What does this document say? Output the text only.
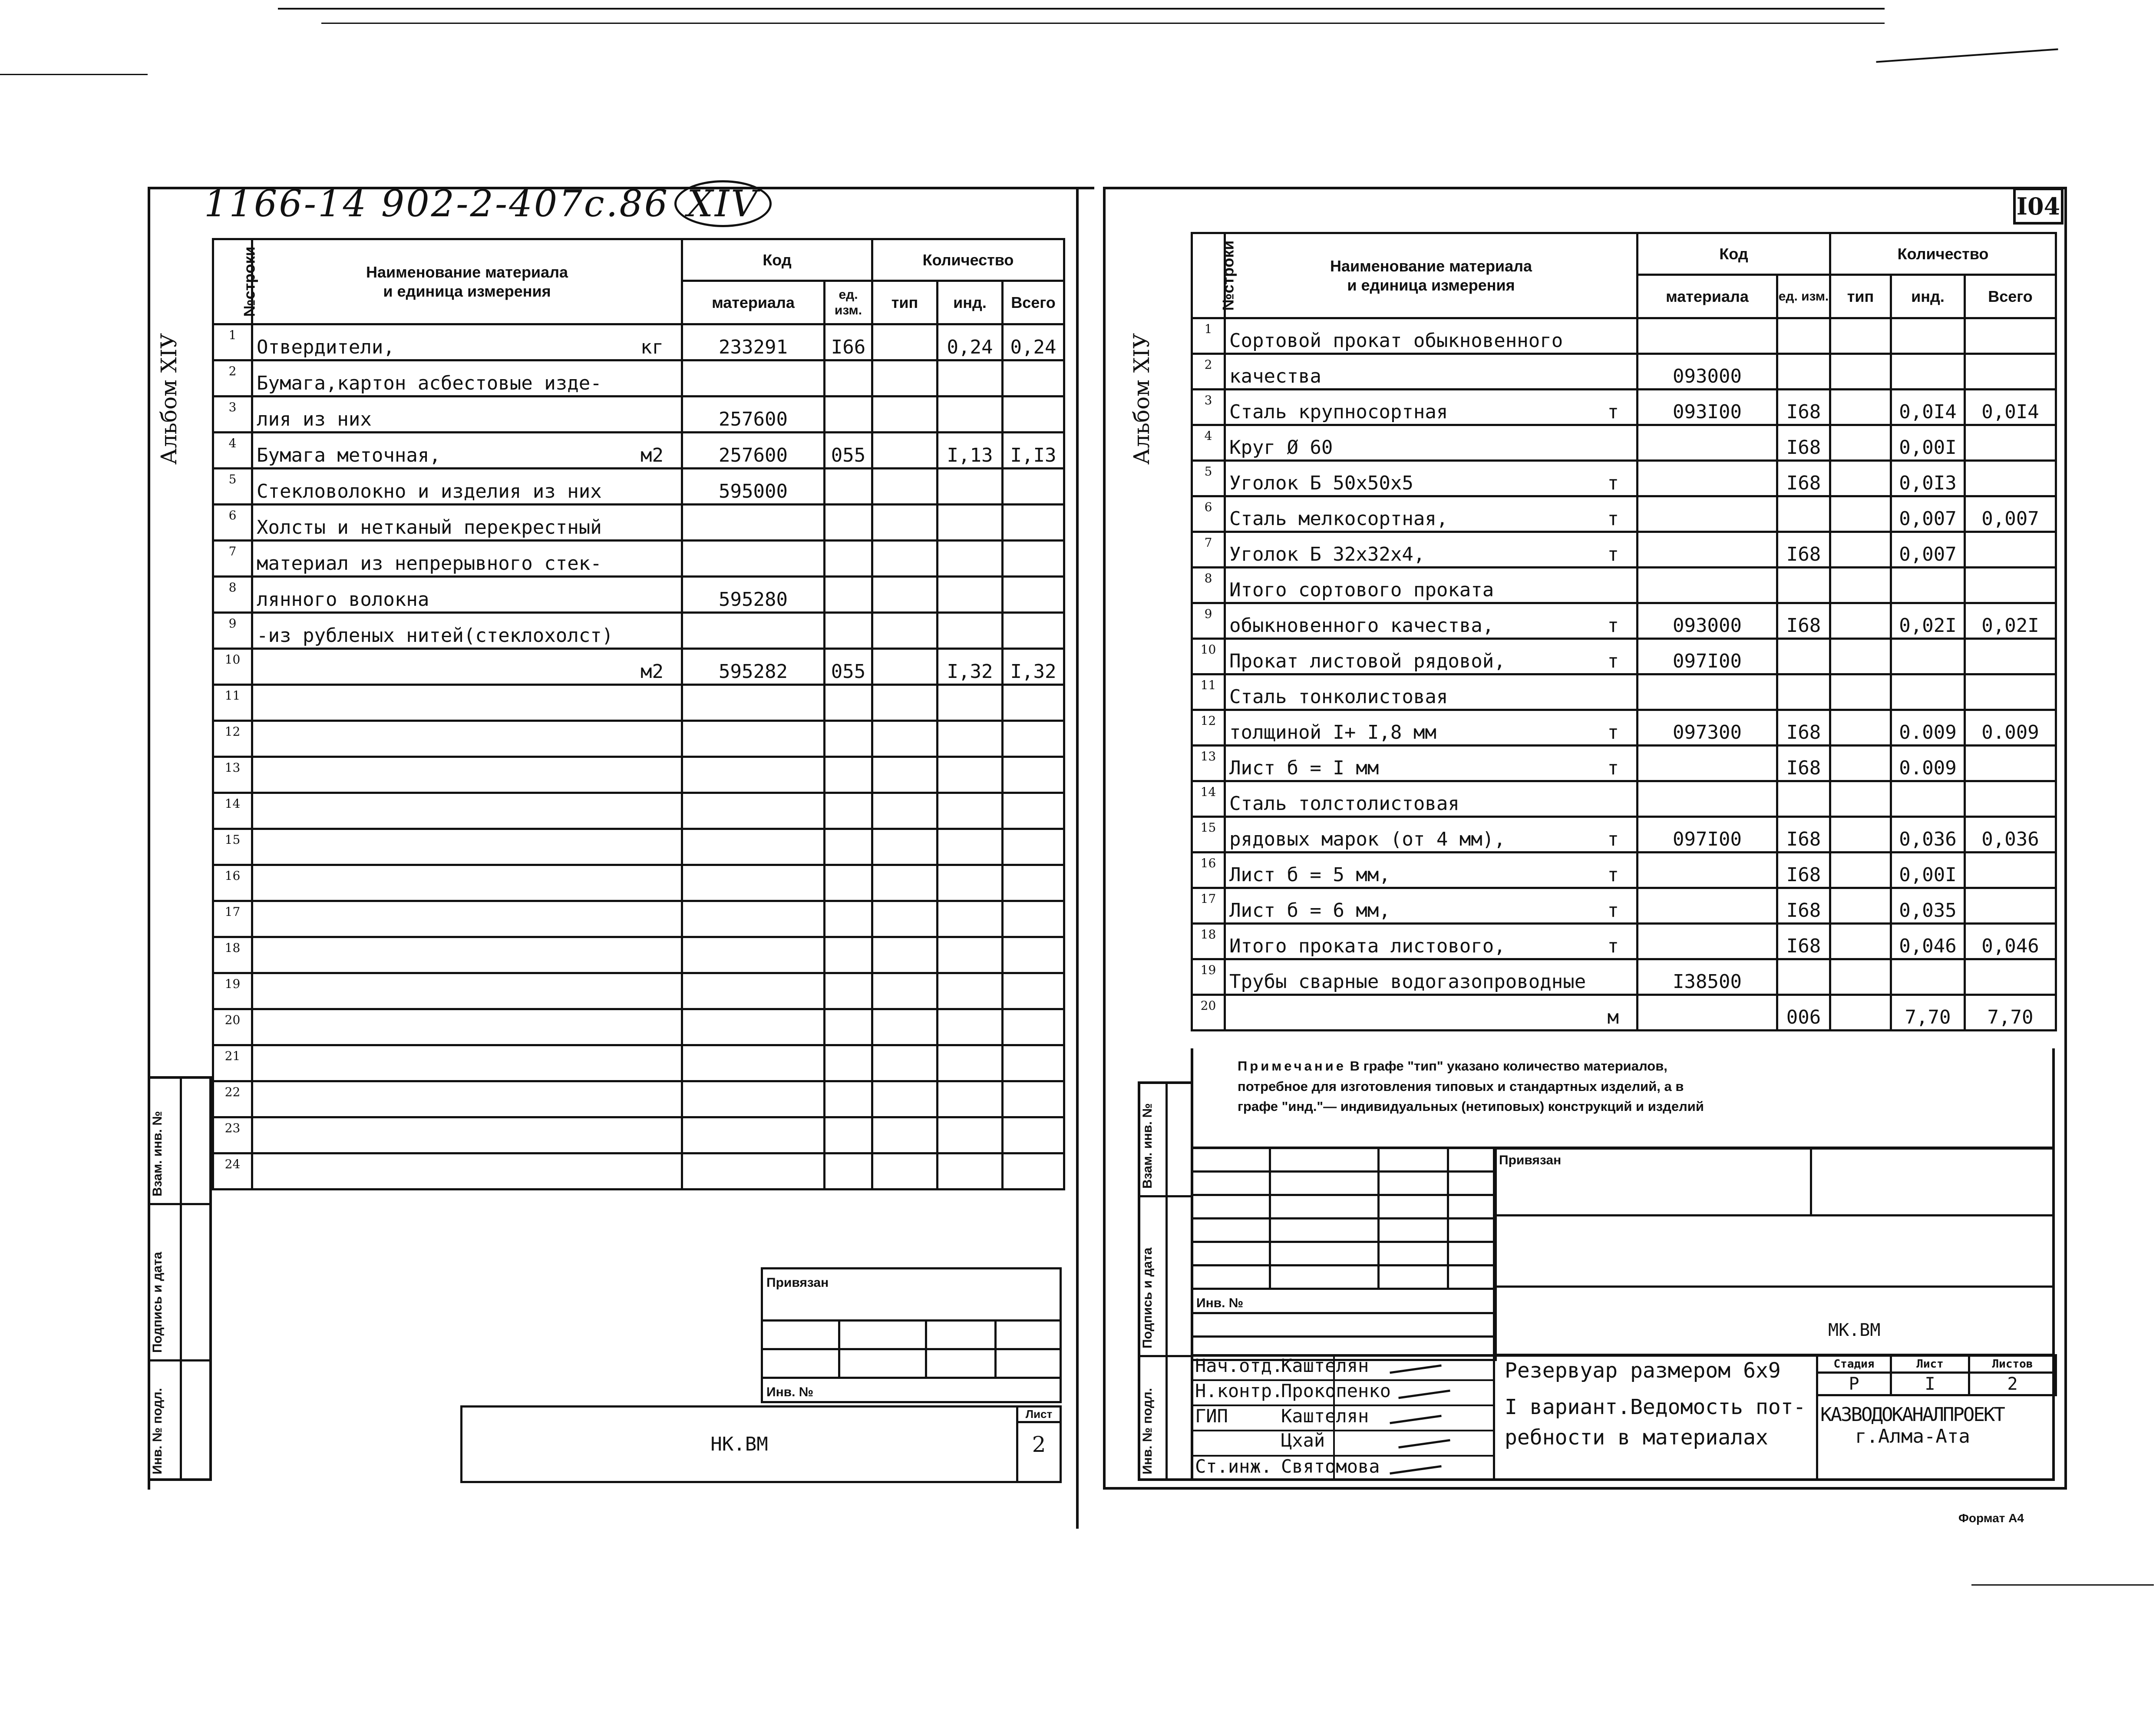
1166-14 902-2-407с.86 XIV
Альбом XIУ
№строки	Наименование материала
и единица измерения	Код		Количество		
		материала	ед. изм.	тип	инд.	Всего
1	Отвердители, кг	233291	I66		0,24	0,24
2	Бумага,картон асбестовые изде-

3	лия из них	257600				
4	Бумага меточная, м2	257600	055		I,13	I,I3
5	Стекловолокно и изделия из них	595000				
6	Холсты и нетканый перекрестный

7	материал из непрерывного стек-

8	лянного волокна	595280				
9	-из рубленых нитей(стеклохолст)

10	м2	595282	055		I,32	I,32
11	

12	

13	

14	

15	

16	

17	

18	

19	

20	

21	

22	

23	

24	

Инв. № подл.
Подпись и дата
Взам. инв. №
Привязан			

Инв. №			
НК.ВМ	
Лист
2
I04
Альбом XIУ
№строки	Наименование материала
и единица измерения	Код		Количество		
		материала	ед. изм.	тип	инд.	Всего
1	Сортовой прокат обыкновенного

2	качества	093000				
3	Сталь крупносортная т	093I00	I68		0,0I4	0,0I4
4	Круг Ø 60		I68		0,00I	
5	Уголок Б 50х50х5 т		I68		0,0I3	
6	Сталь мелкосортная, т				0,007	0,007
7	Уголок Б 32х32х4, т		I68		0,007	
8	Итого сортового проката

9	обыкновенного качества, т	093000	I68		0,02I	0,02I
10	Прокат листовой рядовой, т	097I00				
11	Сталь тонколистовая

12	толщиной I+ I,8 мм т	097300	I68		0.009	0.009
13	Лист б = I мм т		I68		0.009	
14	Сталь толстолистовая

15	рядовых марок (от 4 мм), т	097I00	I68		0,036	0,036
16	Лист б = 5 мм, т		I68		0,00I	
17	Лист б = 6 мм, т		I68		0,035	
18	Итого проката листового, т		I68		0,046	0,046
19	Трубы сварные водогазопроводные	I38500				
20	м		006		7,70	7,70
Примечание В графе "тип" указано количество материалов, потребное для изготовления типовых и стандартных изделий, а в графе "инд."— индивидуальных (нетиповых) конструкций и изделий
Инв. № подл.
Подпись и дата
Взам. инв. №

Инв. №			

Привязан
МК.ВМ
Нач.отд.
Каштелян
Н.контр.
Прокопенко
ГИП	Каштелян
Цхай
Ст.инж. Святомова
Резервуар размером 6х9
I вариант.Ведомость пот-
ребности в материалах
Стадия	Лист	Листов
Р	I	2
КАЗВОДОКАНАЛПРОЕКТ
г.Алма-Ата
Формат А4
